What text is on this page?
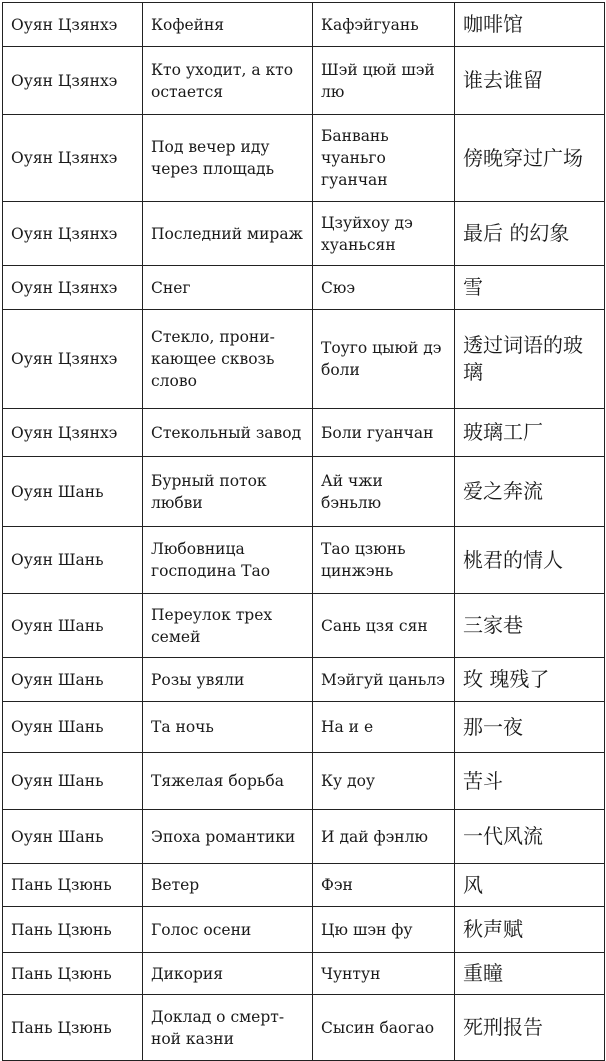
Оуян Цзянхэ	Кофейня	Кафэйгуань	咖啡馆
Оуян Цзянхэ	Кто уходит, а кто остается	Шэй цюй шэй лю	谁去谁留
Оуян Цзянхэ	Под вечер иду через площадь	Банвань чуаньго гуанчан	傍晚穿过广场
Оуян Цзянхэ	Последний мираж	Цзуйхоу дэ хуаньсян	最后 的幻象
Оуян Цзянхэ	Снег	Сюэ	雪
Оуян Цзянхэ	Стекло, проникающее сквозь слово	Тоуго цыюй дэ боли	透过词语的玻璃
Оуян Цзянхэ	Стекольный завод	Боли гуанчан	玻璃工厂
Оуян Шань	Бурный поток любви	Ай чжи бэньлю	爱之奔流
Оуян Шань	Любовница господина Тао	Тао цзюнь цинжэнь	桃君的情人
Оуян Шань	Переулок трех семей	Сань цзя сян	三家巷
Оуян Шань	Розы увяли	Мэйгуй цаньлэ	玫 瑰残了
Оуян Шань	Та ночь	На и е	那一夜
Оуян Шань	Тяжелая борьба	Ку доу	苦斗
Оуян Шань	Эпоха романтики	И дай фэнлю	一代风流
Пань Цзюнь	Ветер	Фэн	风
Пань Цзюнь	Голос осени	Цю шэн фу	秋声赋
Пань Цзюнь	Дикория	Чунтун	重瞳
Пань Цзюнь	Доклад о смертной казни	Сысин баогао	死刑报告
